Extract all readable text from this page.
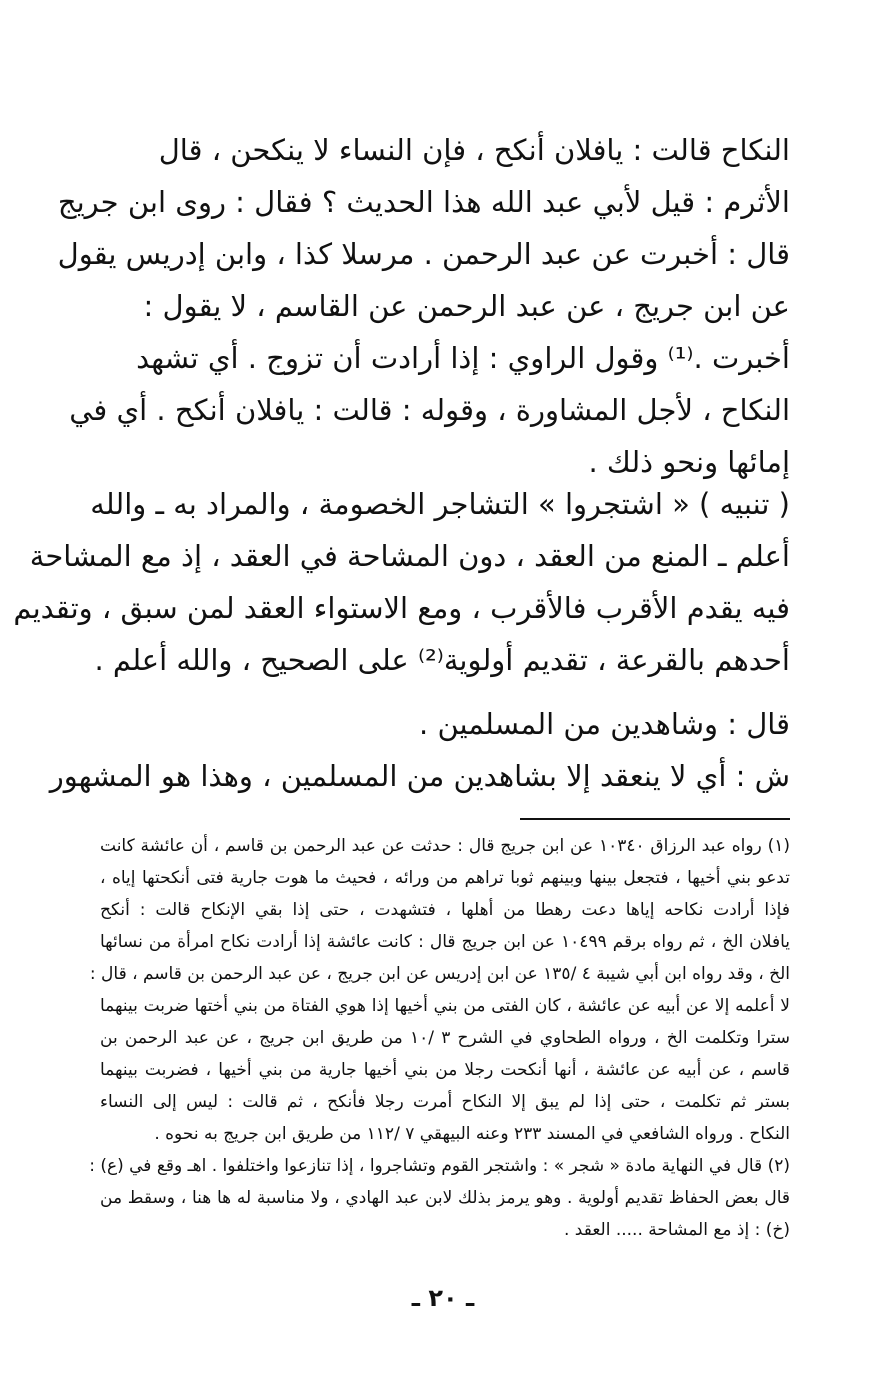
النكاح قالت : يافلان أنكح ، فإن النساء لا ينكحن ، قال
الأثرم : قيل لأبي عبد الله هذا الحديث ؟ فقال : روى ابن جريج
قال : أخبرت عن عبد الرحمن . مرسلا كذا ، وابن إدريس يقول
عن ابن جريج ، عن عبد الرحمن عن القاسم ، لا يقول :
أخبرت .⁽¹⁾ وقول الراوي : إذا أرادت أن تزوج . أي تشهد
النكاح ، لأجل المشاورة ، وقوله : قالت : يافلان أنكح . أي في
إمائها ونحو ذلك .
( تنبيه ) « اشتجروا » التشاجر الخصومة ، والمراد به ـ والله
أعلم ـ المنع من العقد ، دون المشاحة في العقد ، إذ مع المشاحة
فيه يقدم الأقرب فالأقرب ، ومع الاستواء العقد لمن سبق ، وتقديم
أحدهم بالقرعة ، تقديم أولوية⁽²⁾ على الصحيح ، والله أعلم .
قال : وشاهدين من المسلمين .
ش : أي لا ينعقد إلا بشاهدين من المسلمين ، وهذا هو المشهور
(١) رواه عبد الرزاق ١٠٣٤٠ عن ابن جريج قال : حدثت عن عبد الرحمن بن قاسم ، أن عائشة كانت
تدعو بني أخيها ، فتجعل بينها وبينهم ثوبا تراهم من ورائه ، فحيث ما هوت جارية فتى أنكحتها إياه ،
فإذا أرادت نكاحه إياها دعت رهطا من أهلها ، فتشهدت ، حتى إذا بقي الإنكاح قالت : أنكح
يافلان الخ ، ثم رواه برقم ١٠٤٩٩ عن ابن جريج قال : كانت عائشة إذا أرادت نكاح امرأة من نسائها
الخ ، وقد رواه ابن أبي شيبة ٤ /١٣٥ عن ابن إدريس عن ابن جريج ، عن عبد الرحمن بن قاسم ، قال :
لا أعلمه إلا عن أبيه عن عائشة ، كان الفتى من بني أخيها إذا هوي الفتاة من بني أختها ضربت بينهما
سترا وتكلمت الخ ، ورواه الطحاوي في الشرح ٣ /١٠ من طريق ابن جريج ، عن عبد الرحمن بن
قاسم ، عن أبيه عن عائشة ، أنها أنكحت رجلا من بني أخيها جارية من بني أخيها ، فضربت بينهما
بستر ثم تكلمت ، حتى إذا لم يبق إلا النكاح أمرت رجلا فأنكح ، ثم قالت : ليس إلى النساء
النكاح . ورواه الشافعي في المسند ٢٣٣ وعنه البيهقي ٧ /١١٢ من طريق ابن جريج به نحوه .
(٢) قال في النهاية مادة « شجر » : واشتجر القوم وتشاجروا ، إذا تنازعوا واختلفوا . اهـ وقع في (ع) :
قال بعض الحفاظ تقديم أولوية . وهو يرمز بذلك لابن عبد الهادي ، ولا مناسبة له ها هنا ، وسقط من
(خ) : إذ مع المشاحة ..... العقد .
ـ ٢٠ ـ
